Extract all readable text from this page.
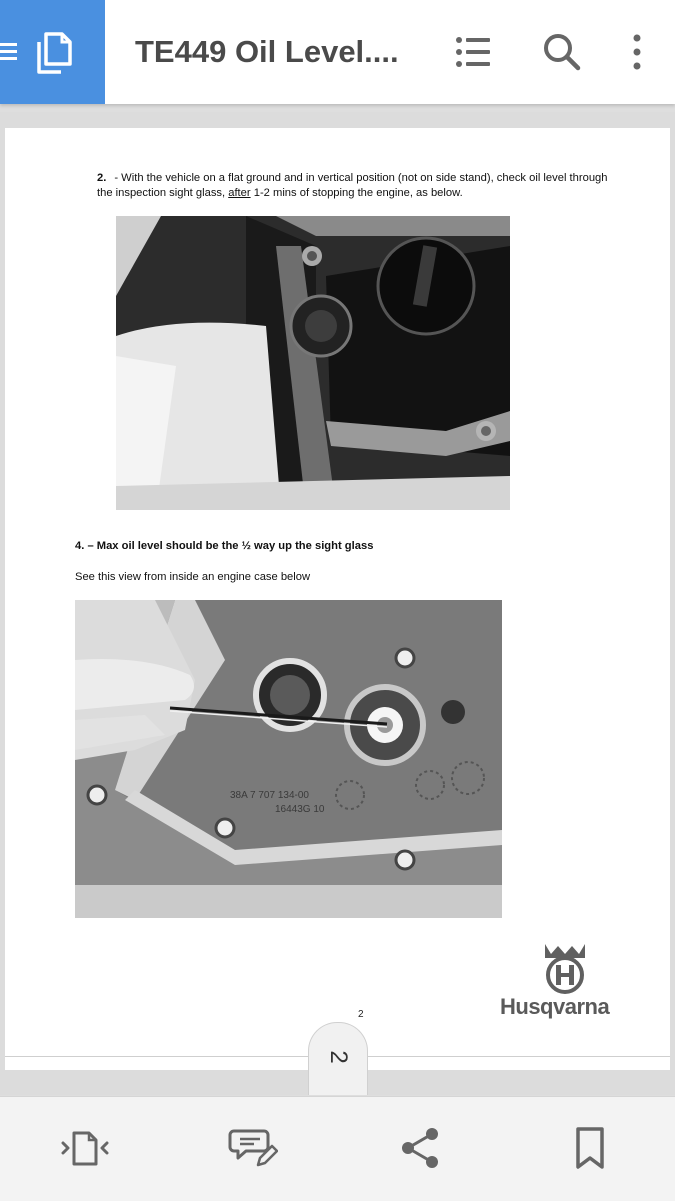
TE449 Oil Level....
2. - With the vehicle on a flat ground and in vertical position (not on side stand), check oil level through the inspection sight glass, after 1-2 mins of stopping the engine, as below.
4. – Max oil level should be the ½ way up the sight glass
See this view from inside an engine case below
38A 7 707 134-00
16443G 10
Husqvarna
2
2
